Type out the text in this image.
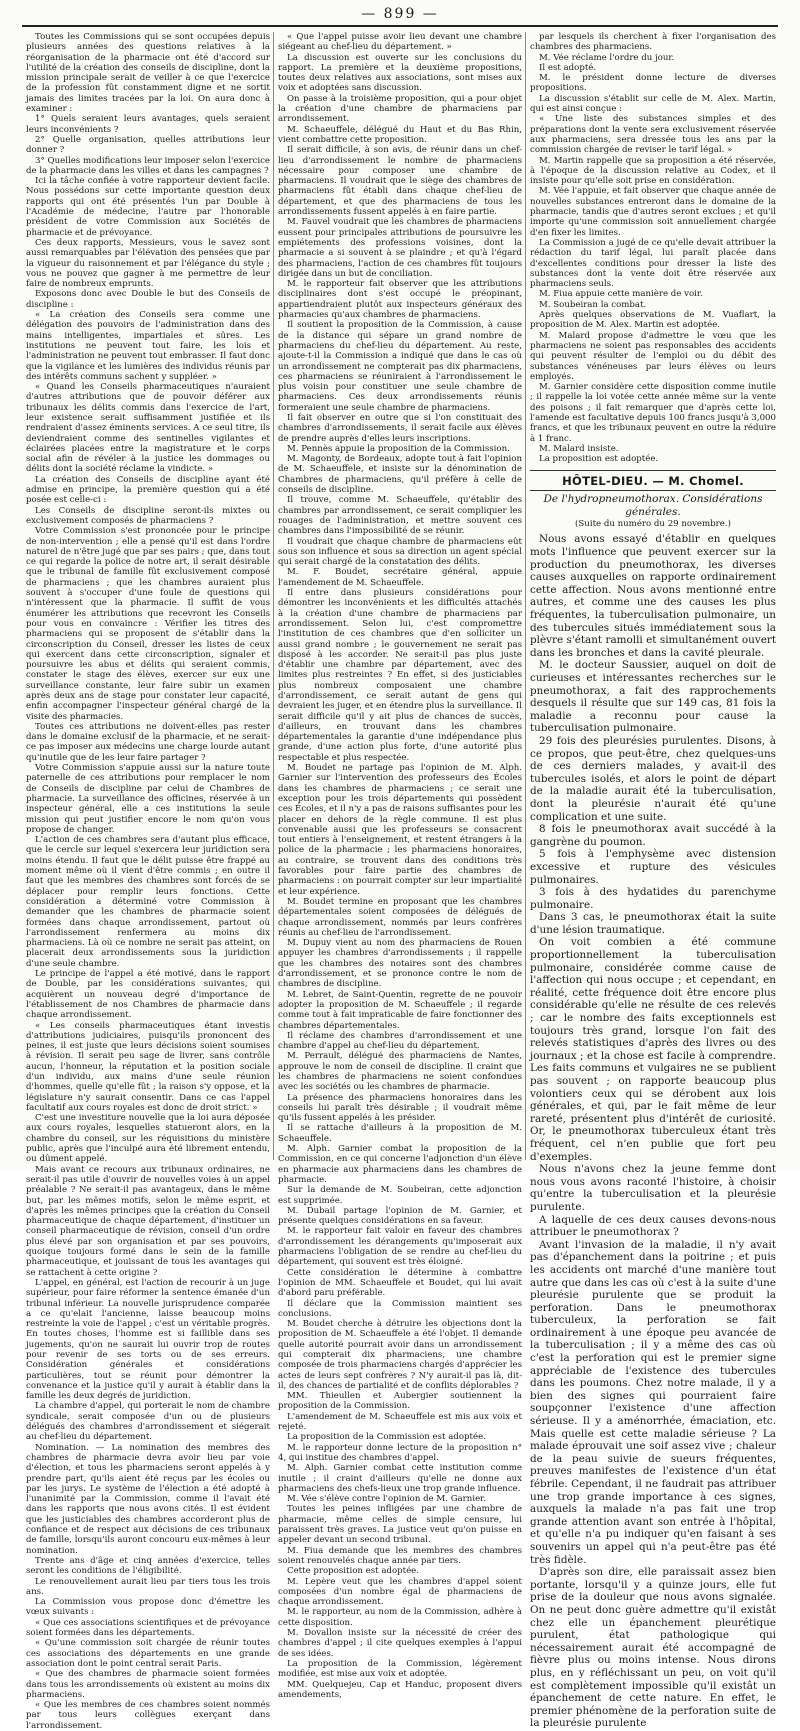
— 899 —

Toutes les Commissions qui se sont occupées depuis plusieurs années des questions relatives à la réorganisation de la pharmacie ont été d'accord sur l'utilité de la création des conseils de discipline, dont la mission principale serait de veiller à ce que l'exercice de la profession fût constamment digne et ne sortit jamais des limites tracées par la loi. On aura donc à examiner :

1° Quels seraient leurs avantages, quels seraient leurs inconvénients ?

2° Quelle organisation, quelles attributions leur donner ?

3° Quelles modifications leur imposer selon l'exercice de la pharmacie dans les villes et dans les campagnes ?

Ici la tâche confiée à votre rapporteur devient facile. Nous possédons sur cette importante question deux rapports qui ont été présentés l'un par Double à l'Académie de médecine, l'autre par l'honorable président de votre Commission aux Sociétés de pharmacie et de prévoyance.

Ces deux rapports, Messieurs, vous le savez sont aussi remarquables par l'élévation des pensées que par la vigueur du raisonnement et par l'élégance du style ; vous ne pouvez que gagner à me permettre de leur faire de nombreux emprunts.

Exposons donc avec Double le but des Conseils de discipline :

« La création des Conseils sera comme une délégation des pouvoirs de l'administration dans des mains intelligentes, impartiales et sûres. Les institutions ne peuvent tout faire, les lois et l'administration ne peuvent tout embrasser. Il faut donc que la vigilance et les lumières des individus réunis par des intérêts communs sachent y suppléer. »

« Quand les Conseils pharmaceutiques n'auraient d'autres attributions que de pouvoir déférer aux tribunaux les délits commis dans l'exercice de l'art, leur existence serait suffisamment justifiée et ils rendraient d'assez éminents services. A ce seul titre, ils deviendraient comme des sentinelles vigilantes et éclairées placées entre la magistrature et le corps social afin de révéler à la justice les dommages ou délits dont la société réclame la vindicte. »

La création des Conseils de discipline ayant été admise en principe, la première question qui a été posée est celle-ci :

Les Conseils de discipline seront-ils mixtes ou exclusivement composés de pharmaciens ?

Votre Commission s'est prononcée pour le principe de non-intervention ; elle a pensé qu'il est dans l'ordre naturel de n'être jugé que par ses pairs ; que, dans tout ce qui regarde la police de notre art, il serait désirable que le tribunal de famille fût exclusivement composé de pharmaciens ; que les chambres auraient plus souvent à s'occuper d'une foule de questions qui n'intéressent que la pharmacie. Il suffit de vous énumérer les attributions que recevront les Conseils pour vous en convaincre : Vérifier les titres des pharmaciens qui se proposent de s'établir dans la circonscription du Conseil, dresser les listes de ceux qui exercent dans cette circonscription, signaler et poursuivre les abus et délits qui seraient commis, constater le stage des élèves, exercer sur eux une surveillance constante, leur faire subir un examen après deux ans de stage pour constater leur capacité, enfin accompagner l'inspecteur général chargé de la visite des pharmacies.

Toutes ces attributions ne doivent-elles pas rester dans le domaine exclusif de la pharmacie, et ne serait-ce pas imposer aux médecins une charge lourde autant qu'inutile que de les leur faire partager ?

Votre Commission s'appuie aussi sur la nature toute paternelle de ces attributions pour remplacer le nom de Conseils de discipline par celui de Chambres de pharmacie. La surveillance des officines, réservée à un inspecteur général, elle a ces institutions la seule mission qui peut justifier encore le nom qu'on vous propose de changer.

L'action de ces chambres sera d'autant plus efficace, que le cercle sur lequel s'exercera leur juridiction sera moins étendu. Il faut que le délit puisse être frappé au moment même où il vient d'être commis ; en outre il faut que les membres des chambres sont forcés de se déplacer pour remplir leurs fonctions. Cette considération a déterminé votre Commission à demander que les chambres de pharmacie soient formées dans chaque arrondissement, partout où l'arrondissement renfermera au moins dix pharmaciens. Là où ce nombre ne serait pas atteint, on placerait deux arrondissements sous la juridiction d'une seule chambre.

Le principe de l'appel a été motivé, dans le rapport de Double, par les considérations suivantes, qui acquièrent un nouveau degré d'importance de l'établissement de nos Chambres de pharmacie dans chaque arrondissement.

« Les conseils pharmaceutiques étant investis d'attributions judiciaires, puisqu'ils prononcent des peines, il est juste que leurs décisions soient soumises à révision. Il serait peu sage de livrer, sans contrôle aucun, l'honneur, la réputation et la position sociale d'un individu, aux mains d'une seule réunion d'hommes, quelle qu'elle fût ; la raison s'y oppose, et la législature n'y saurait consentir. Dans ce cas l'appel facultatif aux cours royales est donc de droit strict. »

C'est une investiture nouvelle que la loi aura déposée aux cours royales, lesquelles statueront alors, en la chambre du conseil, sur les réquisitions du ministère public, après que l'inculpé aura été librement entendu, ou dûment appelé.

Mais avant ce recours aux tribunaux ordinaires, ne serait-il pas utile d'ouvrir de nouvelles voies à un appel préalable ? Ne serait-il pas avantageux, dans le même but, par les mêmes motifs, selon le même esprit, et d'après les mêmes principes que la création du Conseil pharmaceutique de chaque département, d'instituer un conseil pharmaceutique de révision, conseil d'un ordre plus élevé par son organisation et par ses pouvoirs, quoique toujours formé dans le sein de la famille pharmaceutique, et jouissant de tous les avantages qui se rattachent à cette origine ?

L'appel, en général, est l'action de recourir à un juge supérieur, pour faire réformer la sentence émanée d'un tribunal inférieur. La nouvelle jurisprudence comparée a ce qu'elait l'ancienne, laisse beaucoup moins restreinte la voie de l'appel ; c'est un véritable progrès. En toutes choses, l'homme est si faillible dans ses jugements, qu'on ne saurait lui ouvrir trop de routes pour revenir de ses torts ou de ses erreurs. Considération générales et considérations particulières, tout se réunit pour démontrer la convenance et la justice qu'il y aurait à établir dans la famille les deux degrés de juridiction.

La chambre d'appel, qui porterait le nom de chambre syndicale, serait composée d'un ou de plusieurs délégués des chambres d'arrondissement et siégerait au chef-lieu du département.

Nomination. — La nomination des membres des chambres de pharmacie devra avoir lieu par voie d'élection, et tous les pharmaciens seront appelés à y prendre part, qu'ils aient été reçus par les écoles ou par les jurys. Le système de l'élection a été adopté à l'unanimité par la Commission, comme il l'avait été dans les rapports que nous avons cités. Il est évident que les justiciables des chambres accorderont plus de confiance et de respect aux décisions de ces tribunaux de famille, lorsqu'ils auront concouru eux-mêmes à leur nomination.

Trente ans d'âge et cinq années d'exercice, telles seront les conditions de l'éligibilité.

Le renouvellement aurait lieu par tiers tous les trois ans.

La Commission vous propose donc d'émettre les vœux suivants :

« Que ces associations scientifiques et de prévoyance soient formées dans les départements.

« Qu'une commission soit chargée de réunir toutes ces associations des départements en une grande association dont le point central serait Paris.

« Que des chambres de pharmacie soient formées dans tous les arrondissements où existent au moins dix pharmaciens.

« Que les membres de ces chambres soient nommés par tous leurs collègues exerçant dans l'arrondissement.

« Que l'appel puisse avoir lieu devant une chambre siégeant au chef-lieu du département. »

La discussion est ouverte sur les conclusions du rapport. La première et la deuxième propositions, toutes deux relatives aux associations, sont mises aux voix et adoptées sans discussion.

On passe à la troisième proposition, qui a pour objet la création d'une chambre de pharmaciens par arrondissement.

M. Schaeuffele, délégué du Haut et du Bas Rhin, vient combattre cette proposition.

Il serait difficile, à son avis, de réunir dans un chef-lieu d'arrondissement le nombre de pharmaciens nécessaire pour composer une chambre de pharmaciens. Il voudrait que le siège des chambres de pharmaciens fût établi dans chaque chef-lieu de département, et que des pharmaciens de tous les arrondissements fussent appelés à en faire partie.

M. Fauvel voudrait que les chambres de pharmaciens eussent pour principales attributions de poursuivre les empiétements des professions voisines, dont la pharmacie a si souvent à se plaindre ; et qu'à l'égard des pharmaciens, l'action de ces chambres fût toujours dirigée dans un but de conciliation.

M. le rapporteur fait observer que les attributions disciplinaires dont s'est occupé le préopinant, appartiendraient plutôt aux inspecteurs généraux des pharmacies qu'aux chambres de pharmaciens.

Il soutient la proposition de la Commission, à cause de la distance qui sépare un grand nombre de pharmaciens du chef-lieu du département. Au reste, ajoute-t-il la Commission a indiqué que dans le cas où un arrondissement ne compterait pas dix pharmaciens, ces pharmaciens se réuniraient à l'arrondissement le plus voisin pour constituer une seule chambre de pharmaciens. Ces deux arrondissements réunis formeraient une seule chambre de pharmaciens.

Il fait observer en outre que si l'on constituait des chambres d'arrondissements, il serait facile aux élèves de prendre auprès d'elles leurs inscriptions.

M. Pennès appuie la proposition de la Commission.

M. Magonty, de Bordeaux, adopte tout à fait l'opinion de M. Schaeuffele, et insiste sur la dénomination de Chambres de pharmaciens, qu'il préfère à celle de conseils de discipline.

Il trouve, comme M. Schaeuffele, qu'établir des chambres par arrondissement, ce serait compliquer les rouages de l'administration, et mettre souvent ces chambres dans l'impossibilité de se réunir.

Il voudrait que chaque chambre de pharmaciens eût sous son influence et sous sa direction un agent spécial qui serait chargé de la constatation des délits.

M. F. Boudet, secrétaire général, appuie l'amendement de M. Schaeuffele.

Il entre dans plusieurs considérations pour démontrer les inconvénients et les difficultés attachés à la création d'une chambre de pharmaciens par arrondissement. Selon lui, c'est compromettre l'institution de ces chambres que d'en solliciter un aussi grand nombre ; le gouvernement ne serait pas disposé à les accorder. Ne serait-il pas plus juste d'établir une chambre par département, avec des limites plus restreintes ? En effet, si des justiciables plus nombreux composaient une chambre d'arrondissement, ce serait autant de gens qui devraient les juger, et en étendre plus la surveillance. Il serait difficile qu'il y ait plus de chances de succès, d'ailleurs, en trouvant dans les chambres départementales la garantie d'une indépendance plus grande, d'une action plus forte, d'une autorité plus respectable et plus respectée.

M. Boudet ne partage pas l'opinion de M. Alph. Garnier sur l'intervention des professeurs des Écoles dans les chambres de pharmaciens ; ce serait une exception pour les trois départements qui possèdent ces Écoles, et il n'y a pas de raisons suffisantes pour les placer en dehors de la règle commune. Il est plus convenable aussi que les professeurs se consacrent tout entiers à l'enseignement, et restent étrangers à la police de la pharmacie ; les pharmaciens honoraires, au contraire, se trouvent dans des conditions très favorables pour faire partie des chambres de pharmaciens : on pourrait compter sur leur impartialité et leur expérience.

M. Boudet termine en proposant que les chambres départementales soient composées de délégués de chaque arrondissement, nommés par leurs confrères réunis au chef-lieu de l'arrondissement.

M. Dupuy vient au nom des pharmaciens de Rouen appuyer les chambres d'arrondissements ; il rappelle que les chambres des notaires sont des chambres d'arrondissement, et se prononce contre le nom de chambres de discipline.

M. Lebret, de Saint-Quentin, regrette de ne pouvoir adopter la proposition de M. Schaeuffele ; il regarde comme tout à fait impraticable de faire fonctionner des chambres départementales.

Il réclame des chambres d'arrondissement et une chambre d'appel au chef-lieu du département.

M. Perrault, délégué des pharmaciens de Nantes, approuve le nom de conseil de discipline. Il craint que les chambres de pharmaciens ne soient confondues avec les sociétés ou les chambres de pharmacie.

La présence des pharmaciens honoraires dans les conseils lui paraît très désirable ; il voudrait même qu'ils fussent appelés à les présider.

Il se rattache d'ailleurs à la proposition de M. Schaeuffele.

M. Alph. Garnier combat la proposition de la Commission, en ce qui concerne l'adjonction d'un élève en pharmacie aux pharmaciens dans les chambres de pharmacie.

Sur la demande de M. Soubeiran, cette adjonction est supprimée.

M. Dubail partage l'opinion de M. Garnier, et présente quelques considérations en sa faveur.

M. le rapporteur fait valoir en faveur des chambres d'arrondissement les dérangements qu'imposerait aux pharmaciens l'obligation de se rendre au chef-lieu du département, qui souvent est très éloigné.

Cette considération le détermine à combattre l'opinion de MM. Schaeuffele et Boudet, qui lui avait d'abord paru préférable.

Il déclare que la Commission maintient ses conclusions.

M. Boudet cherche à détruire les objections dont la proposition de M. Schaeuffele a été l'objet. Il demande quelle autorité pourrait avoir dans un arrondissement qui compterait dix pharmaciens, une chambre composée de trois pharmaciens chargés d'apprécier les actes de leurs sept confrères ? N'y aurait-il pas là, dit-il, des chances de partialité et de conflits déplorables ?

MM. Thieullen et Aubergier soutiennent la proposition de la Commission.

L'amendement de M. Schaeuffele est mis aux voix et rejeté.

La proposition de la Commission est adoptée.

M. le rapporteur donne lecture de la proposition n° 4, qui institue des chambres d'appel.

M. Alph. Garnier combat cette institution comme inutile ; il craint d'ailleurs qu'elle ne donne aux pharmaciens des chefs-lieux une trop grande influence.

M. Vée s'élève contre l'opinion de M. Garnier.

Toutes les peines infligées par une chambre de pharmacie, même celles de simple censure, lui paraissent très graves. La justice veut qu'on puisse en appeler devant un second tribunal.

M. Fiua demande que les membres des chambres soient renouvelés chaque année par tiers.

Cette proposition est adoptée.

M. Lepère veut que les chambres d'appel soient composées d'un nombre égal de pharmaciens de chaque arrondissement.

M. le rapporteur, au nom de la Commission, adhère à cette disposition.

M. Dovallon insiste sur la nécessité de créer des chambres d'appel ; il cite quelques exemples à l'appui de ses idées.

La proposition de la Commission, légèrement modifiée, est mise aux voix et adoptée.

MM. Quelquejeu, Cap et Handuc, proposent divers amendements,

par lesquels ils cherchent à fixer l'organisation des chambres des pharmaciens.

M. Vée réclame l'ordre du jour.

Il est adopté.

M. le président donne lecture de diverses propositions.

La discussion s'établit sur celle de M. Alex. Martin, qui est ainsi conçue :

« Une liste des substances simples et des préparations dont la vente sera exclusivement réservée aux pharmaciens, sera dressée tous les ans par la commission chargée de reviser le tarif légal. »

M. Martin rappelle que sa proposition a été réservée, à l'époque de la discussion relative au Codex, et il insiste pour qu'elle soit prise en considération.

M. Vée l'appuie, et fait observer que chaque année de nouvelles substances entreront dans le domaine de la pharmacie, tandis que d'autres seront exclues ; et qu'il importe qu'une commission soit annuellement chargée d'en fixer les limites.

La Commission a jugé de ce qu'elle devait attribuer la rédaction du tarif légal, lui paraît placée dans d'excellentes conditions pour dresser la liste des substances dont la vente doit être réservée aux pharmaciens seuls.

M. Fiua appuie cette manière de voir.

M. Soubeiran la combat.

Après quelques observations de M. Vuaflart, la proposition de M. Alex. Martin est adoptée.

M. Malard propose d'admettre le vœu que les pharmaciens ne soient pas responsables des accidents qui peuvent résulter de l'emploi ou du débit des substances vénéneuses par leurs élèves ou leurs employés.

M. Garnier considère cette disposition comme inutile ; il rappelle la loi votée cette année même sur la vente des poisons ; il fait remarquer que d'après cette loi, l'amende est facultative depuis 100 francs jusqu'à 3,000 francs, et que les tribunaux peuvent en outre la réduire à 1 franc.

M. Malard insiste.

La proposition est adoptée.

HÔTEL-DIEU. — M. Chomel.
De l'hydropneumothorax. Considérations générales.
(Suite du numéro du 29 novembre.)

Nous avons essayé d'établir en quelques mots l'influence que peuvent exercer sur la production du pneumothorax, les diverses causes auxquelles on rapporte ordinairement cette affection. Nous avons mentionné entre autres, et comme une des causes les plus fréquentes, la tuberculisation pulmonaire, un des tubercules situés immédiatement sous la plèvre s'étant ramolli et simultanément ouvert dans les bronches et dans la cavité pleurale.

M. le docteur Saussier, auquel on doit de curieuses et intéressantes recherches sur le pneumothorax, a fait des rapprochements desquels il résulte que sur 149 cas, 81 fois la maladie a reconnu pour cause la tuberculisation pulmonaire.

29 fois des pleurésies purulentes. Disons, à ce propos, que peut-être, chez quelques-uns de ces derniers malades, y avait-il des tubercules isolés, et alors le point de départ de la maladie aurait été la tuberculisation, dont la pleurésie n'aurait été qu'une complication et une suite.

8 fois le pneumothorax avait succédé à la gangrène du poumon.

5 fois à l'emphysème avec distension excessive et rupture des vésicules pulmonaires.

3 fois à des hydatides du parenchyme pulmonaire.

Dans 3 cas, le pneumothorax était la suite d'une lésion traumatique.

On voit combien a été commune proportionnellement la tuberculisation pulmonaire, considérée comme cause de l'affection qui nous occupe ; et cependant, en réalité, cette fréquence doit être encore plus considérable qu'elle ne résulte de ces relevés ; car le nombre des faits exceptionnels est toujours très grand, lorsque l'on fait des relevés statistiques d'après des livres ou des journaux ; et la chose est facile à comprendre. Les faits communs et vulgaires ne se publient pas souvent ; on rapporte beaucoup plus volontiers ceux qui se dérobent aux lois générales, et qui, par le fait même de leur rareté, présentent plus d'intérêt de curiosité. Or, le pneumothorax tuberculeux étant très fréquent, cel n'en publie que fort peu d'exemples.

Nous n'avons chez la jeune femme dont nous vous avons raconté l'histoire, à choisir qu'entre la tuberculisation et la pleurésie purulente.

A laquelle de ces deux causes devons-nous attribuer le pneumothorax ?

Avant l'invasion de la maladie, il n'y avait pas d'épanchement dans la poitrine ; et puis les accidents ont marché d'une manière tout autre que dans les cas où c'est à la suite d'une pleurésie purulente que se produit la perforation. Dans le pneumothorax tuberculeux, la perforation se fait ordinairement à une époque peu avancée de la tuberculisation ; il y a même des cas où c'est la perforation qui est le premier signe appréciable de l'existence des tubercules dans les poumons. Chez notre malade, il y a bien des signes qui pourraient faire soupçonner l'existence d'une affection sérieuse. Il y a aménorrhée, émaciation, etc. Mais quelle est cette maladie sérieuse ? La malade éprouvait une soif assez vive ; chaleur de la peau suivie de sueurs fréquentes, preuves manifestes de l'existence d'un état fébrile. Cependant, il ne faudrait pas attribuer une trop grande importance à ces signes, auxquels la malade n'a pas fait une trop grande attention avant son entrée à l'hôpital, et qu'elle n'a pu indiquer qu'en faisant à ses souvenirs un appel qui n'a peut-être pas été très fidèle.

D'après son dire, elle paraissait assez bien portante, lorsqu'il y a quinze jours, elle fut prise de la douleur que nous avons signalée. On ne peut donc guère admettre qu'il existât chez elle un épanchement pleurétique purulent, état pathologique qui nécessairement aurait été accompagné de fièvre plus ou moins intense. Nous dirons plus, en y réfléchissant un peu, on voit qu'il est complètement impossible qu'il existât un épanchement de cette nature. En effet, le premier phénomène de la perforation suite de la pleurésie purulente
